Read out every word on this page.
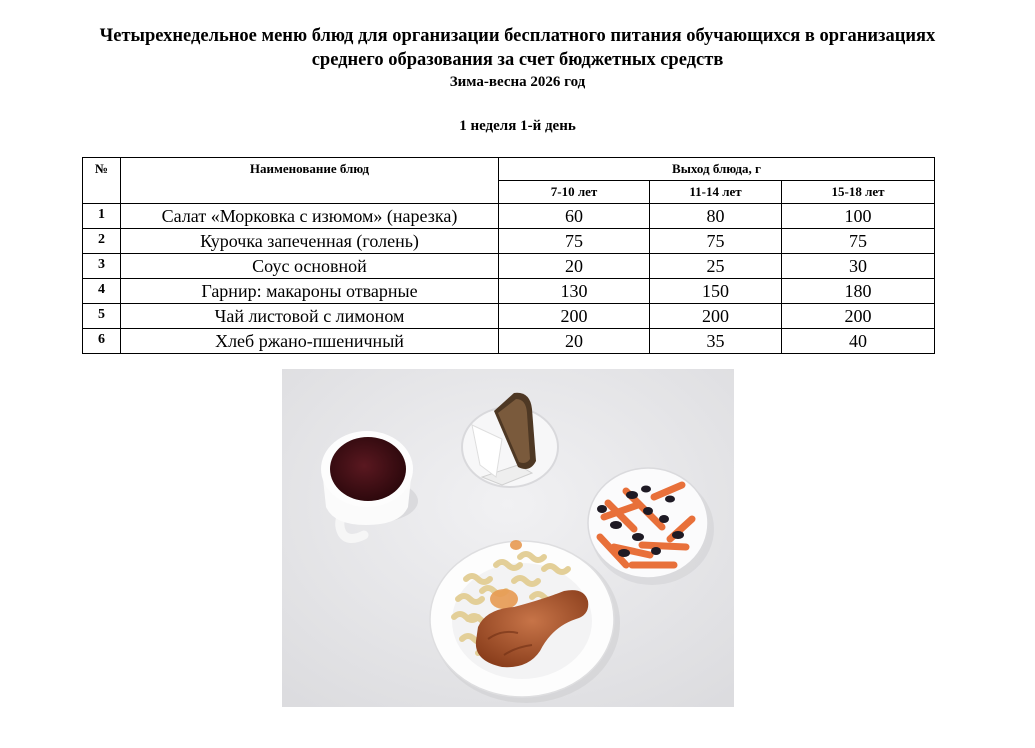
Четырехнедельное меню блюд для организации бесплатного питания обучающихся в организациях
среднего образования за счет бюджетных средств
Зима-весна 2026 год
1 неделя 1-й день
№	Наименование блюд	Выход блюда, г		
		7-10 лет	11-14 лет	15-18 лет
1	Салат «Морковка с изюмом» (нарезка)	60	80	100
2	Курочка запеченная (голень)	75	75	75
3	Соус основной	20	25	30
4	Гарнир: макароны отварные	130	150	180
5	Чай листовой с лимоном	200	200	200
6	Хлеб ржано-пшеничный	20	35	40
